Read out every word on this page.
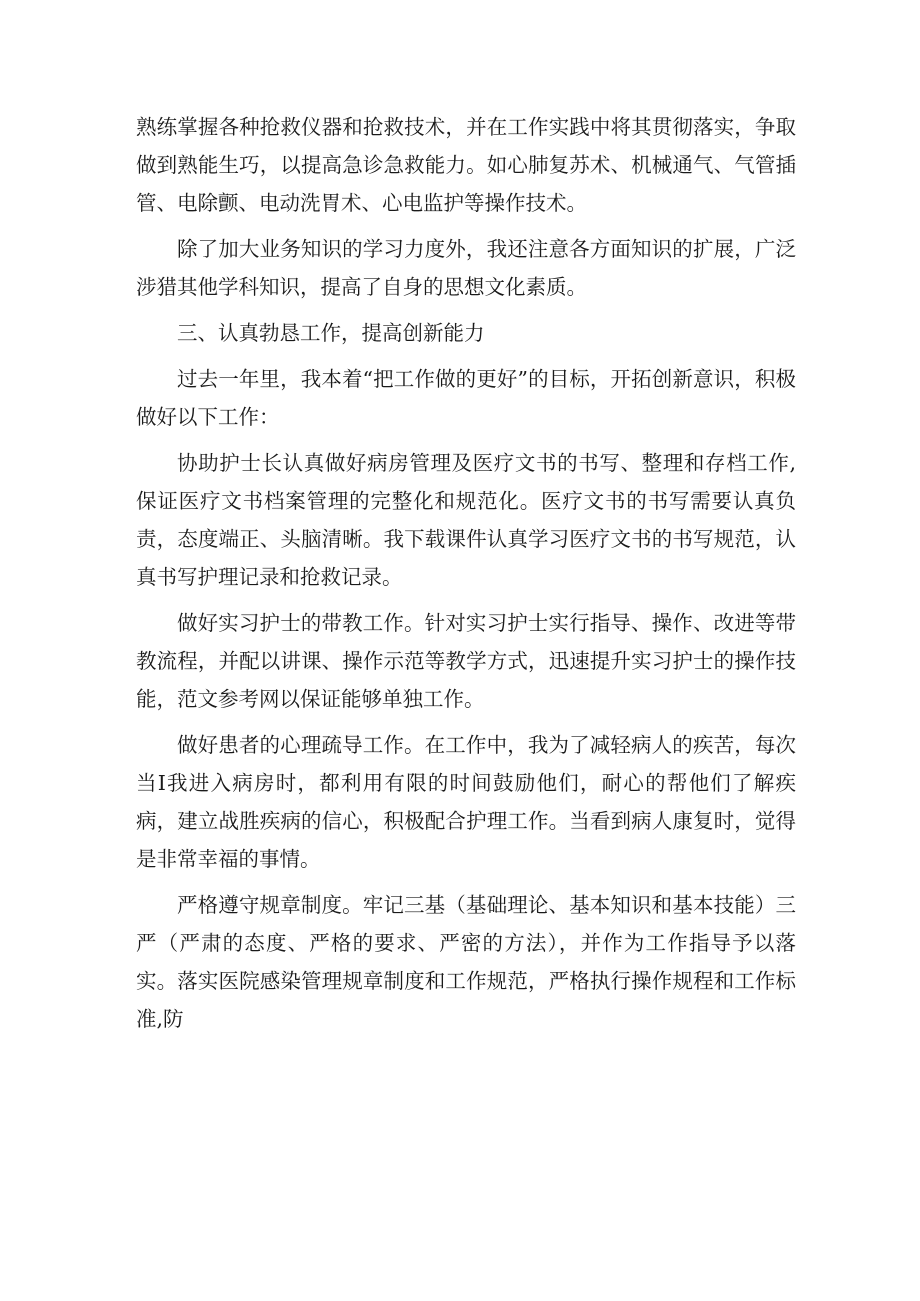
熟练掌握各种抢救仪器和抢救技术，并在工作实践中将其贯彻落实，争取做到熟能生巧，以提高急诊急救能力。如心肺复苏术、机械通气、气管插管、电除颤、电动洗胃术、心电监护等操作技术。

除了加大业务知识的学习力度外，我还注意各方面知识的扩展，广泛涉猎其他学科知识，提高了自身的思想文化素质。

三、认真勃恳工作，提高创新能力

过去一年里，我本着“把工作做的更好”的目标，开拓创新意识，积极做好以下工作：

协助护士长认真做好病房管理及医疗文书的书写、整理和存档工作,保证医疗文书档案管理的完整化和规范化。医疗文书的书写需要认真负责，态度端正、头脑清晰。我下载课件认真学习医疗文书的书写规范，认真书写护理记录和抢救记录。

做好实习护士的带教工作。针对实习护士实行指导、操作、改进等带教流程，并配以讲课、操作示范等教学方式，迅速提升实习护士的操作技能，范文参考网以保证能够单独工作。

做好患者的心理疏导工作。在工作中，我为了减轻病人的疾苦，每次当I我进入病房时，都利用有限的时间鼓励他们，耐心的帮他们了解疾病，建立战胜疾病的信心，积极配合护理工作。当看到病人康复时，觉得是非常幸福的事情。

严格遵守规章制度。牢记三基（基础理论、基本知识和基本技能）三严（严肃的态度、严格的要求、严密的方法），并作为工作指导予以落实。落实医院感染管理规章制度和工作规范，严格执行操作规程和工作标准,防
